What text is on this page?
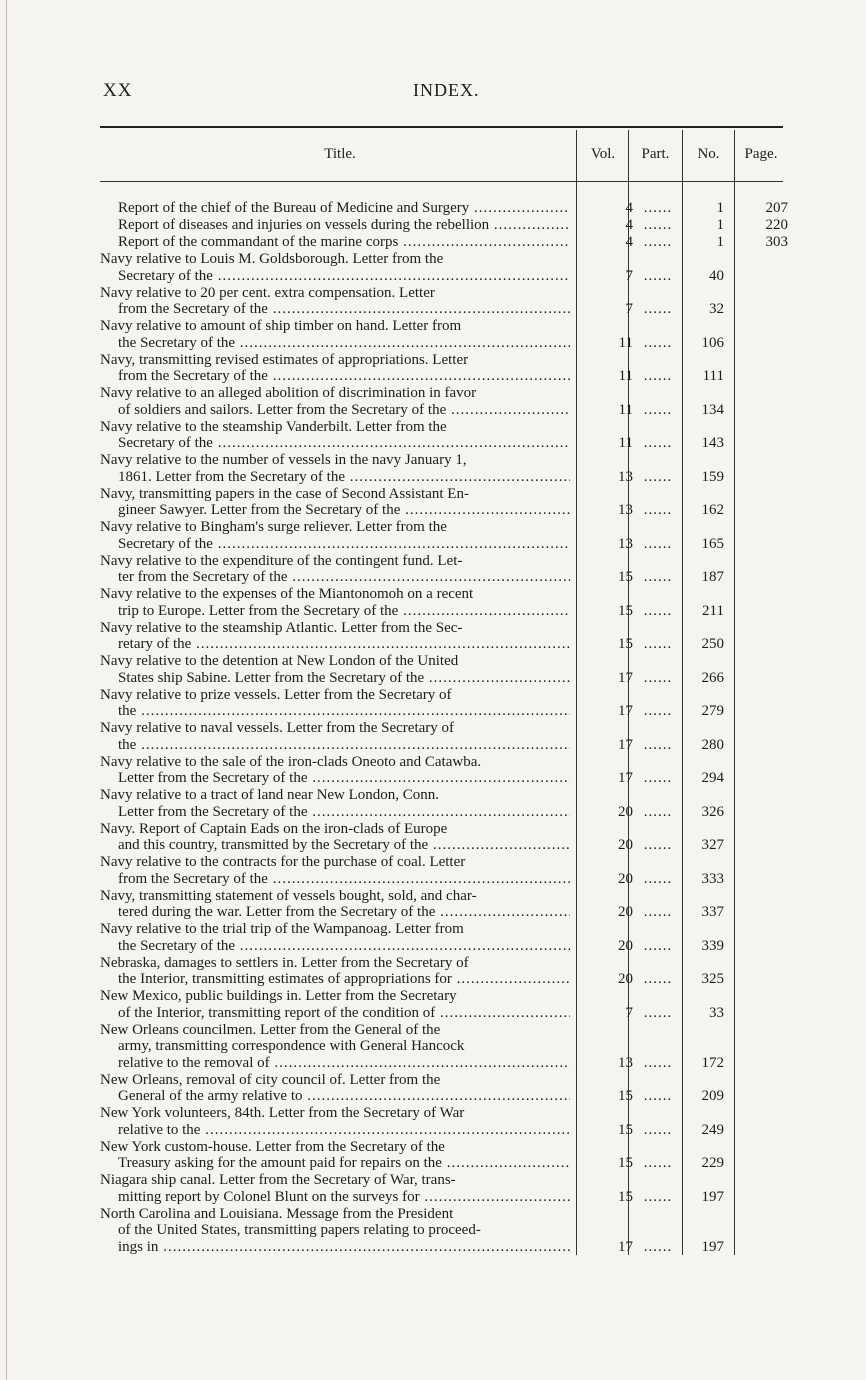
XX	INDEX.
Title.	Vol.	Part.	No.	Page.
Report of the chief of the Bureau of Medicine and Surgery .....	4 ......	1	207
Report of diseases and injuries on vessels during the rebellion .....	4 ......	1	220
Report of the commandant of the marine corps .....	4 ......	1	303
Navy relative to Louis M. Goldsborough. Letter from the
Secretary of the .....	7 ......	40
Navy relative to 20 per cent. extra compensation. Letter
from the Secretary of the .....	7 ......	32
Navy relative to amount of ship timber on hand. Letter from
the Secretary of the .....	11 ......	106
Navy, transmitting revised estimates of appropriations. Letter
from the Secretary of the .....	11 ......	111
Navy relative to an alleged abolition of discrimination in favor
of soldiers and sailors. Letter from the Secretary of the .....	11 ......	134
Navy relative to the steamship Vanderbilt. Letter from the
Secretary of the .....	11 ......	143
Navy relative to the number of vessels in the navy January 1,
1861. Letter from the Secretary of the .....	13 ......	159
Navy, transmitting papers in the case of Second Assistant En-
gineer Sawyer. Letter from the Secretary of the .....	13 ......	162
Navy relative to Bingham's surge reliever. Letter from the
Secretary of the .....	13 ......	165
Navy relative to the expenditure of the contingent fund. Let-
ter from the Secretary of the .....	15 ......	187
Navy relative to the expenses of the Miantonomoh on a recent
trip to Europe. Letter from the Secretary of the .....	15 ......	211
Navy relative to the steamship Atlantic. Letter from the Sec-
retary of the .....	15 ......	250
Navy relative to the detention at New London of the United
States ship Sabine. Letter from the Secretary of the .....	17 ......	266
Navy relative to prize vessels. Letter from the Secretary of
the .....	17 ......	279
Navy relative to naval vessels. Letter from the Secretary of
the .....	17 ......	280
Navy relative to the sale of the iron-clads Oneoto and Catawba.
Letter from the Secretary of the .....	17 ......	294
Navy relative to a tract of land near New London, Conn.
Letter from the Secretary of the .....	20 ......	326
Navy. Report of Captain Eads on the iron-clads of Europe
and this country, transmitted by the Secretary of the .....	20 ......	327
Navy relative to the contracts for the purchase of coal. Letter
from the Secretary of the .....	20 ......	333
Navy, transmitting statement of vessels bought, sold, and char-
tered during the war. Letter from the Secretary of the .....	20 ......	337
Navy relative to the trial trip of the Wampanoag. Letter from
the Secretary of the .....	20 ......	339
Nebraska, damages to settlers in. Letter from the Secretary of
the Interior, transmitting estimates of appropriations for .....	20 ......	325
New Mexico, public buildings in. Letter from the Secretary
of the Interior, transmitting report of the condition of .....	7 ......	33
New Orleans councilmen. Letter from the General of the
army, transmitting correspondence with General Hancock
relative to the removal of .....	13 ......	172
New Orleans, removal of city council of. Letter from the
General of the army relative to .....	15 ......	209
New York volunteers, 84th. Letter from the Secretary of War
relative to the .....	15 ......	249
New York custom-house. Letter from the Secretary of the
Treasury asking for the amount paid for repairs on the .....	15 ......	229
Niagara ship canal. Letter from the Secretary of War, trans-
mitting report by Colonel Blunt on the surveys for .....	15 ......	197
North Carolina and Louisiana. Message from the President
of the United States, transmitting papers relating to proceed-
ings in .....	17 ......	197
